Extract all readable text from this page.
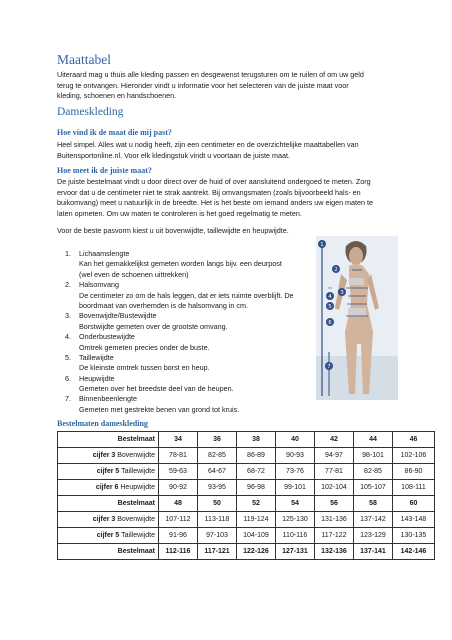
Maattabel
Uiteraard mag u thuis alle kleding passen en desgewenst terugsturen om te ruilen of om uw geld
terug te ontvangen. Hieronder vindt u informatie voor het selecteren van de juiste maat voor
kleding, schoenen en handschoenen.
Dameskleding
Hoe vind ik de maat die mij past?
Heel simpel. Alles wat u nodig heeft, zijn een centimeter en de overzichtelijke maattabellen van
Buitensportonline.nl. Voor elk kledingstuk vindt u voortaan de juiste maat.
Hoe meet ik de juiste maat?
De juiste bestelmaat vindt u door direct over de huid of over aansluitend ondergoed te meten. Zorg
ervoor dat u de centimeter niet te strak aantrekt. Bij omvangsmaten (zoals bijvoorbeeld hals- en
buikomvang) meet u natuurlijk in de breedte. Het is het beste om iemand anders uw eigen maten te
laten opmeten. Om uw maten te controleren is het goed regelmatig te meten.
Voor de beste pasvorm kiest u uit bovenwijdte, taillewijdte en heupwijdte.
1. Lichaamslengte
Kan het gemakkelijkst gemeten worden langs bijv. een deurpost
(wel even de schoenen uittrekken)
2. Halsomvang
De centimeter zo om de hals leggen, dat er iets ruimte overblijft. De
boordmaat van overhemden is de halsomvang in cm.
3. Bovenwijdte/Bustewijdte
Borstwijdte gemeten over de grootste omvang.
4. Onderbustewijdte
Omtrek gemeten precies onder de buste.
5. Taillewijdte
De kleinste omtrek tussen borst en heup.
6. Heupwijdte
Gemeten over het breedste deel van de heupen.
7. Binnenbeenlengte
Gemeten met gestrekte benen van grond tot kruis.
1
2
3
4
5
6
7
Bestelmaten dameskleding
Bestelmaat	34	36	38	40	42	44	46
cijfer 3 Bovenwijdte	78-81	82-85	86-89	90-93	94-97	98-101	102-106
cijfer 5 Taillewijdte	59-63	64-67	68-72	73-76	77-81	82-85	86-90
cijfer 6 Heupwijdte	90-92	93-95	96-98	99-101	102-104	105-107	108-111
Bestelmaat	48	50	52	54	56	58	60
cijfer 3 Bovenwijdte	107-112	113-118	119-124	125-130	131-136	137-142	143-148
cijfer 5 Taillewijdte	91-96	97-103	104-109	110-116	117-122	123-129	130-135
Bestelmaat	112-116	117-121	122-126	127-131	132-136	137-141	142-146
